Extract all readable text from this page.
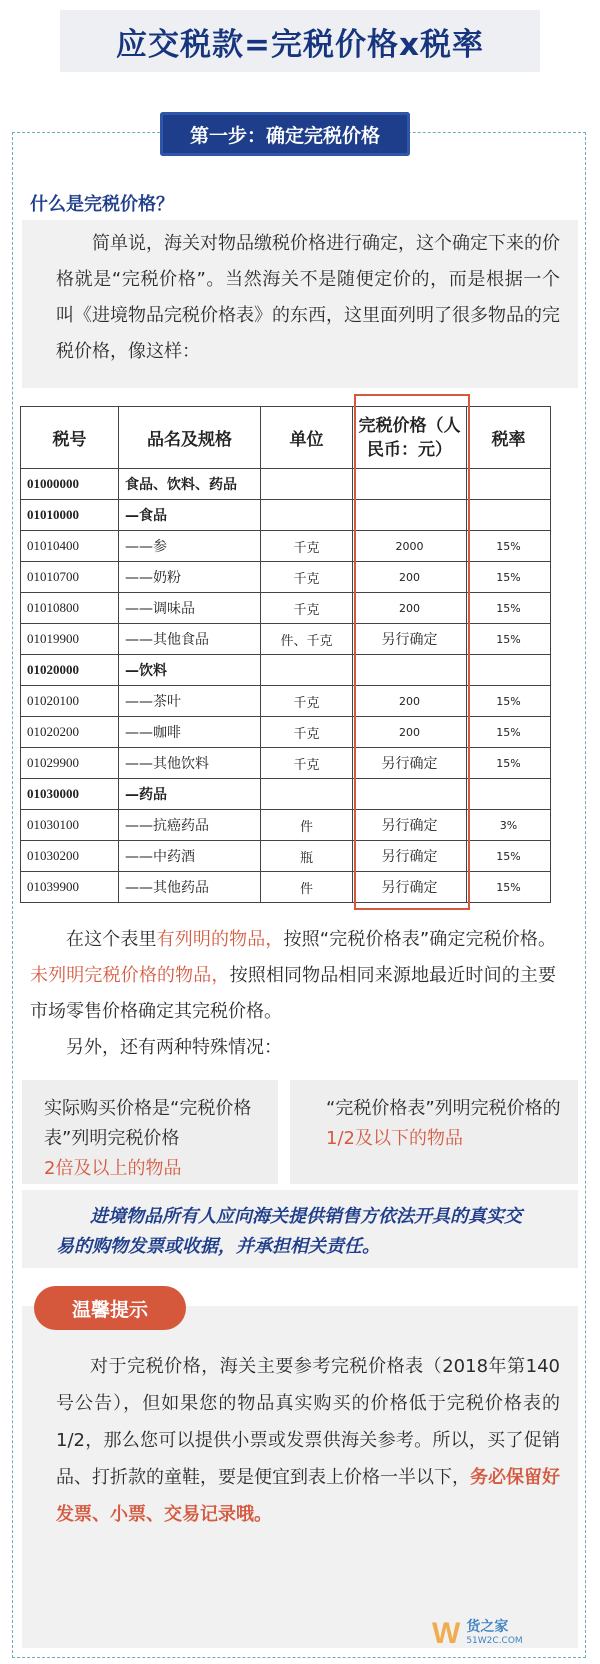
应交税款=完税价格x税率
第一步：确定完税价格
什么是完税价格？

简单说，海关对物品缴税价格进行确定，这个确定下来的价格就是“完税价格”。当然海关不是随便定价的，而是根据一个叫《进境物品完税价格表》的东西，这里面列明了很多物品的完税价格，像这样：

税号	品名及规格	单位	完税价格（人民币：元）	税率
01000000	食品、饮料、药品			
01010000	—食品			
01010400	——参	千克	2000	15%
01010700	——奶粉	千克	200	15%
01010800	——调味品	千克	200	15%
01019900	——其他食品	件、千克	另行确定	15%
01020000	—饮料			
01020100	——茶叶	千克	200	15%
01020200	——咖啡	千克	200	15%
01029900	——其他饮料	千克	另行确定	15%
01030000	—药品			
01030100	——抗癌药品	件	另行确定	3%
01030200	——中药酒	瓶	另行确定	15%
01039900	——其他药品	件	另行确定	15%

在这个表里有列明的物品，按照“完税价格表”确定完税价格。未列明完税价格的物品，按照相同物品相同来源地最近时间的主要市场零售价格确定其完税价格。

另外，还有两种特殊情况：

实际购买价格是“完税价格表”列明完税价格
2倍及以上的物品
“完税价格表”列明完税价格的1/2及以下的物品
进境物品所有人应向海关提供销售方依法开具的真实交
易的购物发票或收据，并承担相关责任。

对于完税价格，海关主要参考完税价格表（2018年第140号公告），但如果您的物品真实购买的价格低于完税价格表的1/2，那么您可以提供小票或发票供海关参考。所以，买了促销品、打折款的童鞋，要是便宜到表上价格一半以下，务必保留好发票、小票、交易记录哦。

温馨提示
W 货之家
51W2C.COM
